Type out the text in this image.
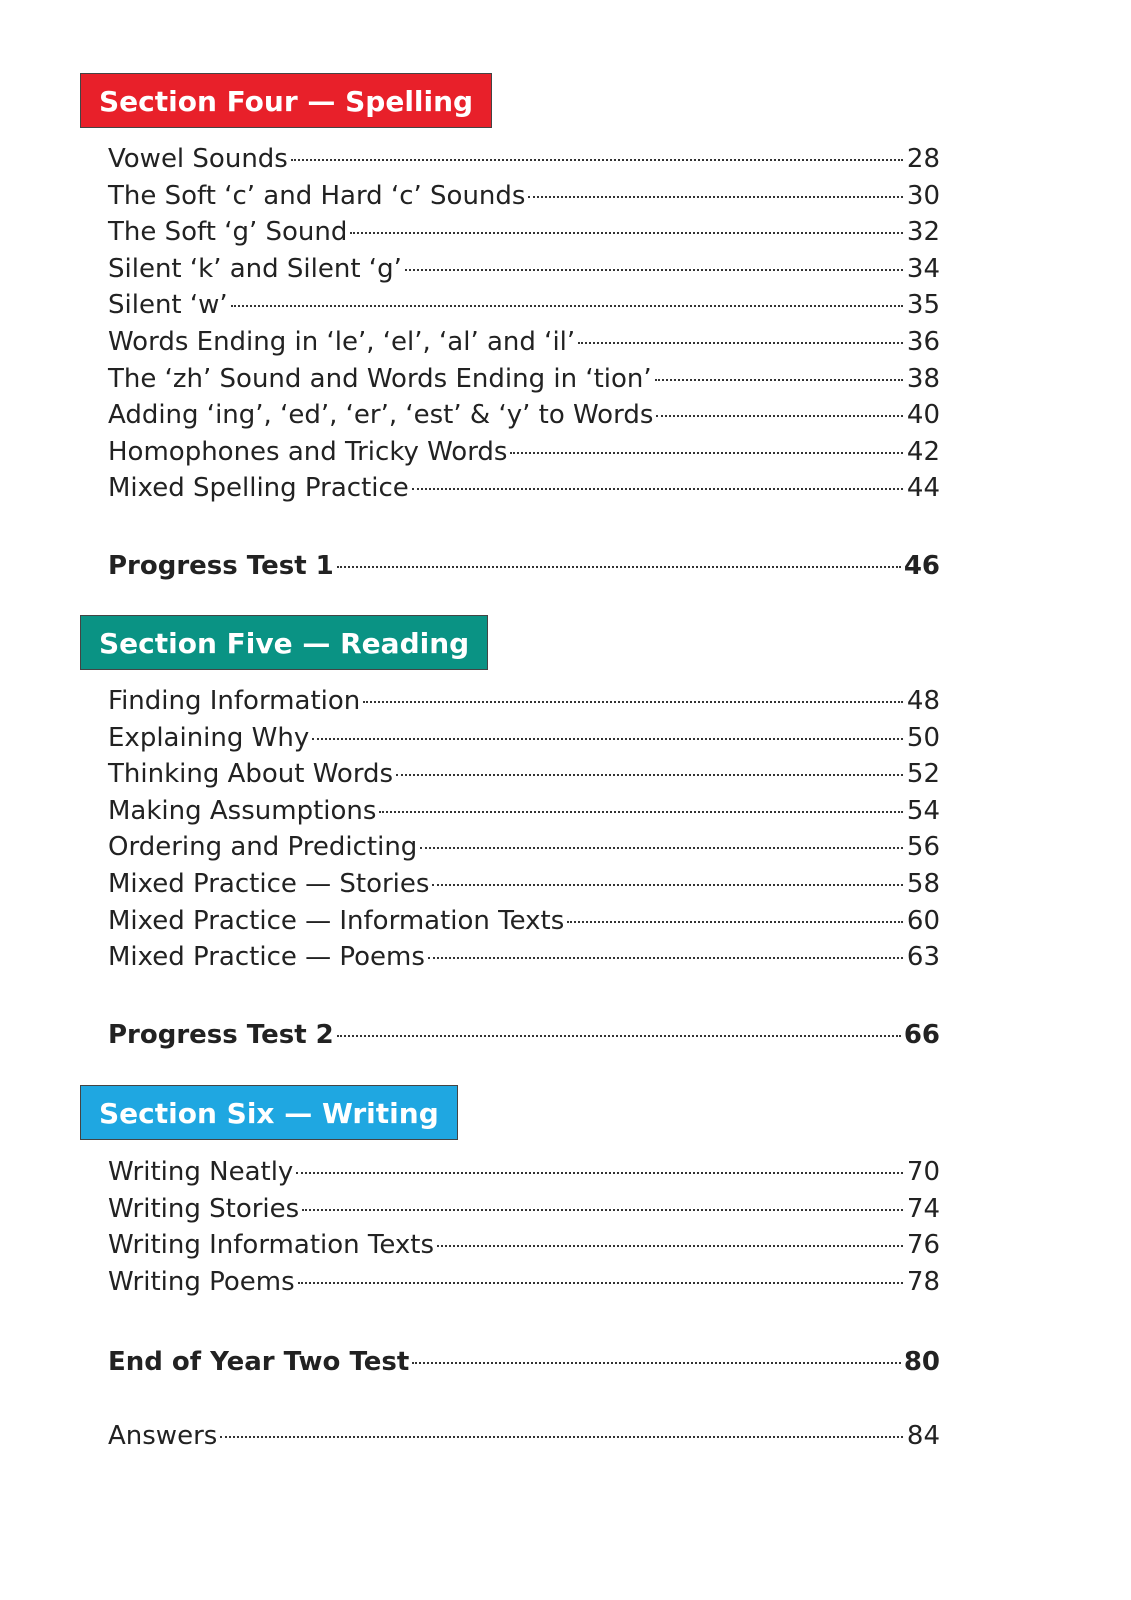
Section Four — Spelling
Vowel Sounds	28
The Soft ‘c’ and Hard ‘c’ Sounds	30
The Soft ‘g’ Sound	32
Silent ‘k’ and Silent ‘g’	34
Silent ‘w’	35
Words Ending in ‘le’, ‘el’, ‘al’ and ‘il’	36
The ‘zh’ Sound and Words Ending in ‘tion’	38
Adding ‘ing’, ‘ed’, ‘er’, ‘est’ & ‘y’ to Words	40
Homophones and Tricky Words	42
Mixed Spelling Practice	44
Progress Test 1	46
Section Five — Reading
Finding Information	48
Explaining Why	50
Thinking About Words	52
Making Assumptions	54
Ordering and Predicting	56
Mixed Practice — Stories	58
Mixed Practice — Information Texts	60
Mixed Practice — Poems	63
Progress Test 2	66
Section Six — Writing
Writing Neatly	70
Writing Stories	74
Writing Information Texts	76
Writing Poems	78
End of Year Two Test	80
Answers	84
